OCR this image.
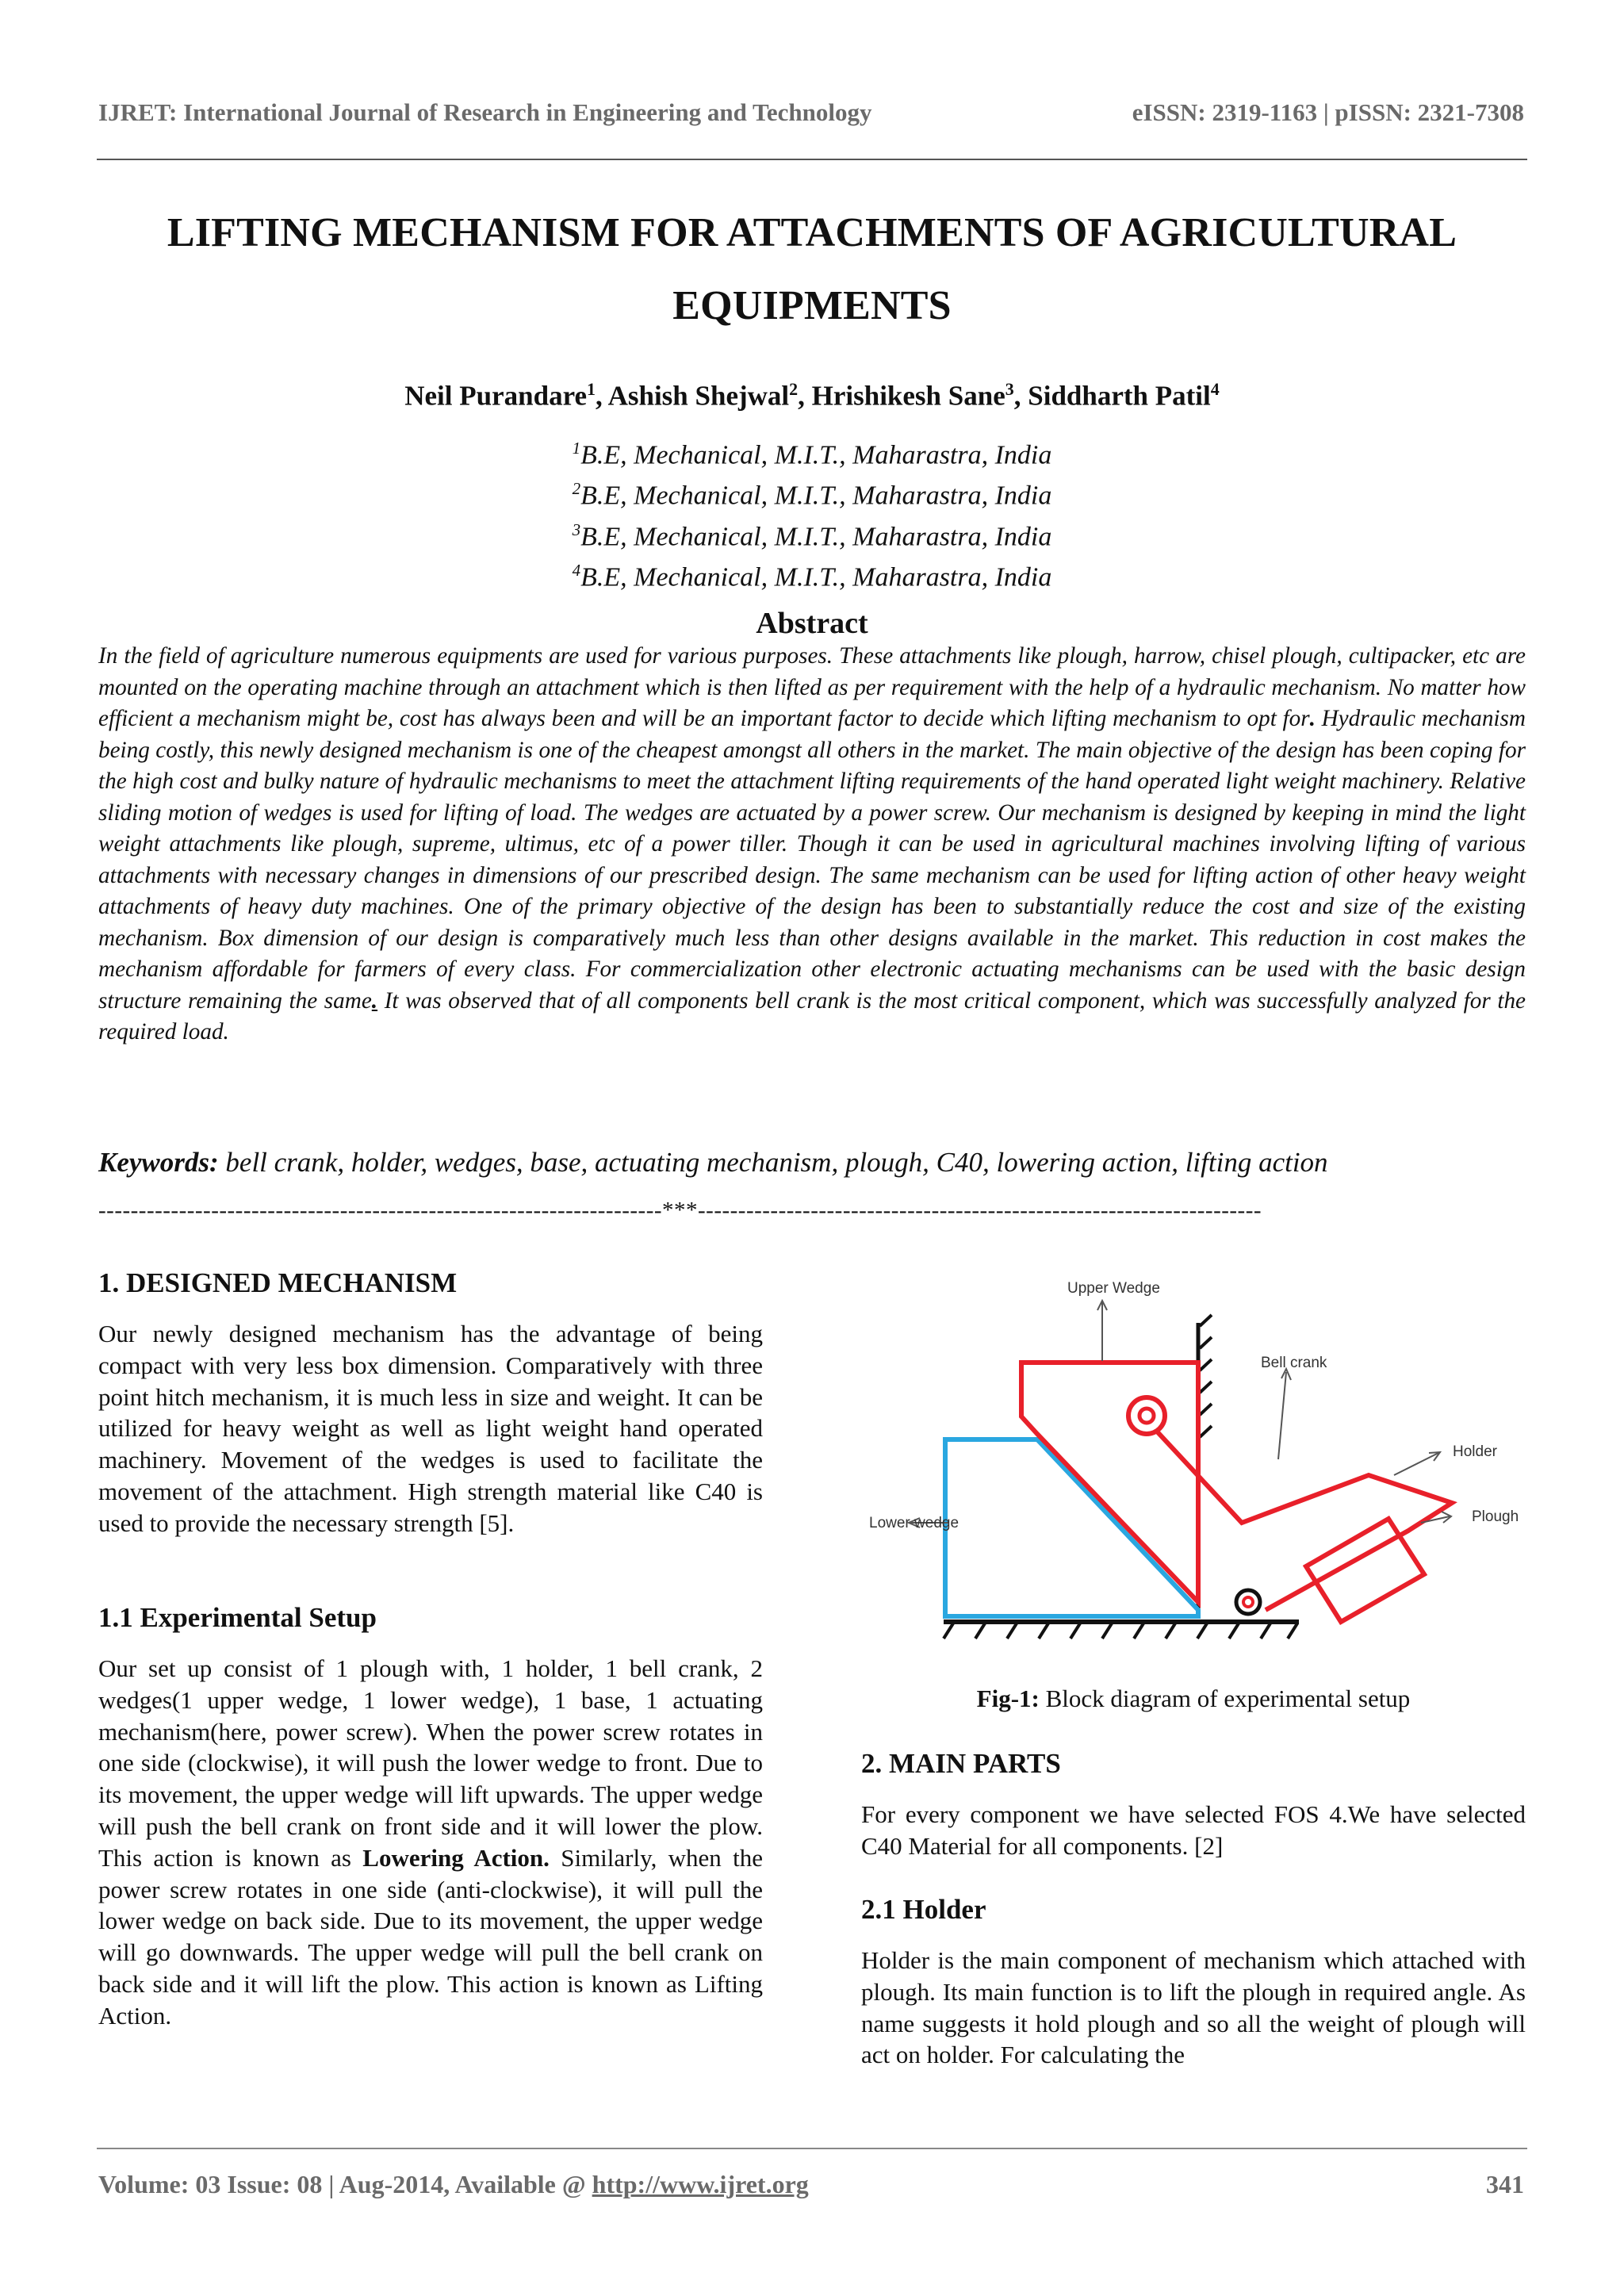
IJRET: International Journal of Research in Engineering and Technology	eISSN: 2319-1163 | pISSN: 2321-7308
LIFTING MECHANISM FOR ATTACHMENTS OF AGRICULTURAL
EQUIPMENTS
Neil Purandare$^1$, Ashish Shejwal$^2$, Hrishikesh Sane$^3$, Siddharth Patil$^4$
$^1$B.E, Mechanical, M.I.T., Maharastra, India
$^2$B.E, Mechanical, M.I.T., Maharastra, India
$^3$B.E, Mechanical, M.I.T., Maharastra, India
$^4$B.E, Mechanical, M.I.T., Maharastra, India
Abstract
In the field of agriculture numerous equipments are used for various purposes. These attachments like plough, harrow, chisel plough, cultipacker, etc are mounted on the operating machine through an attachment which is then lifted as per requirement with the help of a hydraulic mechanism. No matter how efficient a mechanism might be, cost has always been and will be an important factor to decide which lifting mechanism to opt for. Hydraulic mechanism being costly, this newly designed mechanism is one of the cheapest amongst all others in the market. The main objective of the design has been coping for the high cost and bulky nature of hydraulic mechanisms to meet the attachment lifting requirements of the hand operated light weight machinery. Relative sliding motion of wedges is used for lifting of load. The wedges are actuated by a power screw. Our mechanism is designed by keeping in mind the light weight attachments like plough, supreme, ultimus, etc of a power tiller. Though it can be used in agricultural machines involving lifting of various attachments with necessary changes in dimensions of our prescribed design. The same mechanism can be used for lifting action of other heavy weight attachments of heavy duty machines. One of the primary objective of the design has been to substantially reduce the cost and size of the existing mechanism. Box dimension of our design is comparatively much less than other designs available in the market. This reduction in cost makes the mechanism affordable for farmers of every class. For commercialization other electronic actuating mechanisms can be used with the basic design structure remaining the same. It was observed that of all components bell crank is the most critical component, which was successfully analyzed for the required load.
Keywords: bell crank, holder, wedges, base, actuating mechanism, plough, C40, lowering action, lifting action
----------------------------------------------------------------------***----------------------------------------------------------------------
1. DESIGNED MECHANISM
Our newly designed mechanism has the advantage of being compact with very less box dimension. Comparatively with three point hitch mechanism, it is much less in size and weight. It can be utilized for heavy weight as well as light weight hand operated machinery. Movement of the wedges is used to facilitate the movement of the attachment. High strength material like C40 is used to provide the necessary strength [5].
1.1 Experimental Setup
Our set up consist of 1 plough with, 1 holder, 1 bell crank, 2 wedges(1 upper wedge, 1 lower wedge), 1 base, 1 actuating mechanism(here, power screw). When the power screw rotates in one side (clockwise), it will push the lower wedge to front. Due to its movement, the upper wedge will lift upwards. The upper wedge will push the bell crank on front side and it will lower the plow. This action is known as Lowering Action. Similarly, when the power screw rotates in one side (anti-clockwise), it will pull the lower wedge on back side. Due to its movement, the upper wedge will go downwards. The upper wedge will pull the bell crank on back side and it will lift the plow. This action is known as Lifting Action.
Upper Wedge
Bell crank
Holder
Plough
Lower wedge
Fig-1: Block diagram of experimental setup
2. MAIN PARTS
For every component we have selected FOS 4.We have selected C40 Material for all components. [2]
2.1 Holder
Holder is the main component of mechanism which attached with plough. Its main function is to lift the plough in required angle. As name suggests it hold plough and so all the weight of plough will act on holder. For calculating the
Volume: 03 Issue: 08 | Aug-2014, Available @ http://www.ijret.org	341
